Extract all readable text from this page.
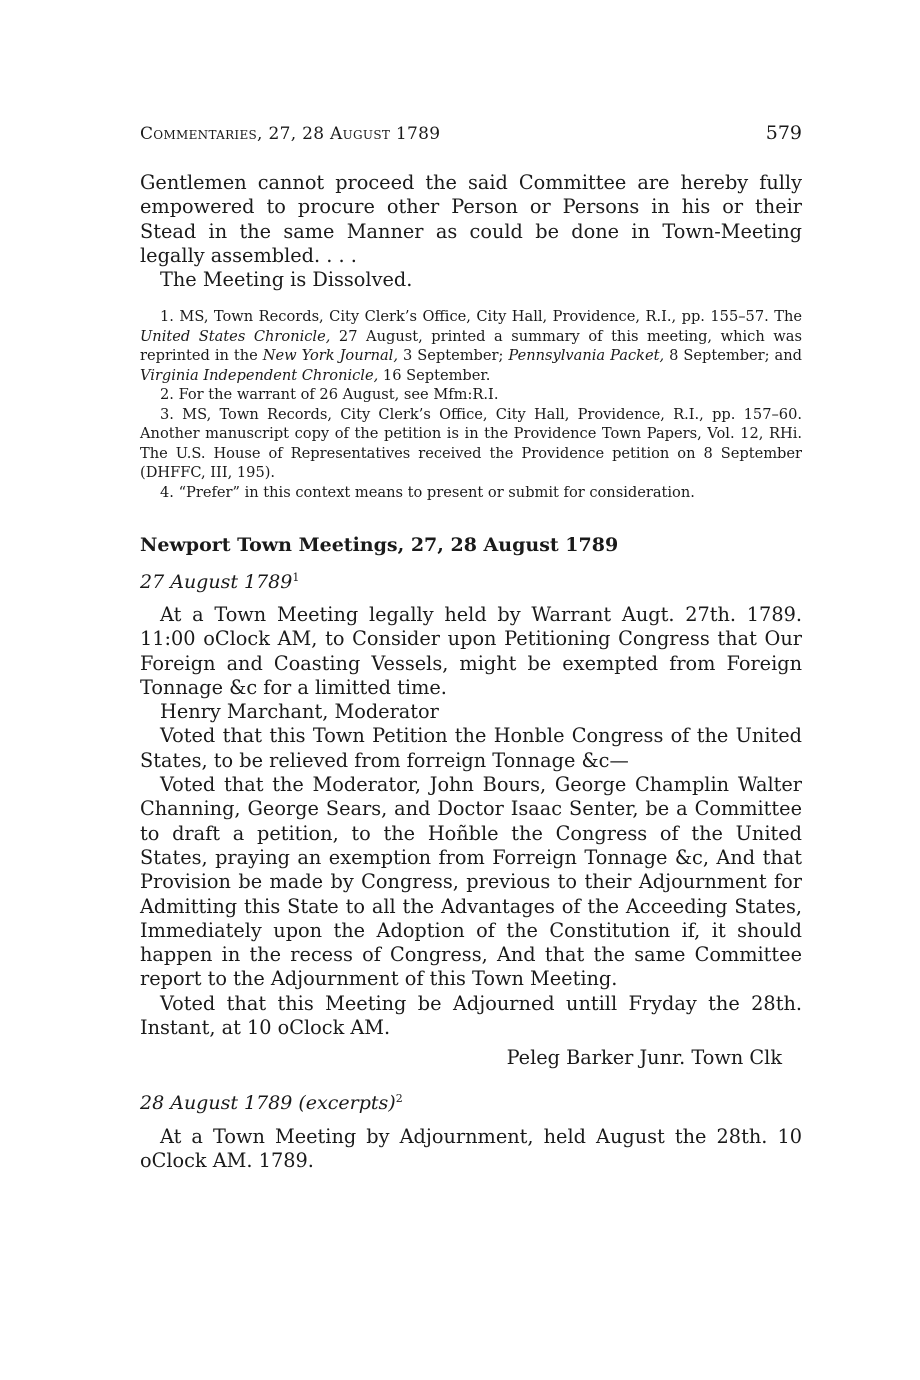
Commentaries, 27, 28 August 1789	579

Gentlemen cannot proceed the said Committee are hereby fully empowered to procure other Person or Persons in his or their Stead in the same Manner as could be done in Town-Meeting legally assembled. . . .

The Meeting is Dissolved.

1. MS, Town Records, City Clerk’s Office, City Hall, Providence, R.I., pp. 155–57. The United States Chronicle, 27 August, printed a summary of this meeting, which was reprinted in the New York Journal, 3 September; Pennsylvania Packet, 8 September; and Virginia Independent Chronicle, 16 September.

2. For the warrant of 26 August, see Mfm:R.I.

3. MS, Town Records, City Clerk’s Office, City Hall, Providence, R.I., pp. 157–60. Another manuscript copy of the petition is in the Providence Town Papers, Vol. 12, RHi. The U.S. House of Representatives received the Providence petition on 8 September (DHFFC, III, 195).

4. “Prefer” in this context means to present or submit for consideration.

Newport Town Meetings, 27, 28 August 1789

27 August 1789$^1$

At a Town Meeting legally held by Warrant Augt. 27th. 1789. 11:00 oClock AM, to Consider upon Petitioning Congress that Our Foreign and Coasting Vessels, might be exempted from Foreign Tonnage &c for a limitted time.

Henry Marchant, Moderator

Voted that this Town Petition the Honble Congress of the United States, to be relieved from forreign Tonnage &c—

Voted that the Moderator, John Bours, George Champlin Walter Channing, George Sears, and Doctor Isaac Senter, be a Committee to draft a petition, to the Hoñble the Congress of the United States, praying an exemption from Forreign Tonnage &c, And that Provision be made by Congress, previous to their Adjournment for Admitting this State to all the Advantages of the Acceeding States, Immediately upon the Adoption of the Constitution if, it should happen in the recess of Congress, And that the same Committee report to the Adjournment of this Town Meeting.

Voted that this Meeting be Adjourned untill Fryday the 28th. Instant, at 10 oClock AM.

Peleg Barker Junr. Town Clk

28 August 1789 (excerpts)$^2$

At a Town Meeting by Adjournment, held August the 28th. 10 oClock AM. 1789.
